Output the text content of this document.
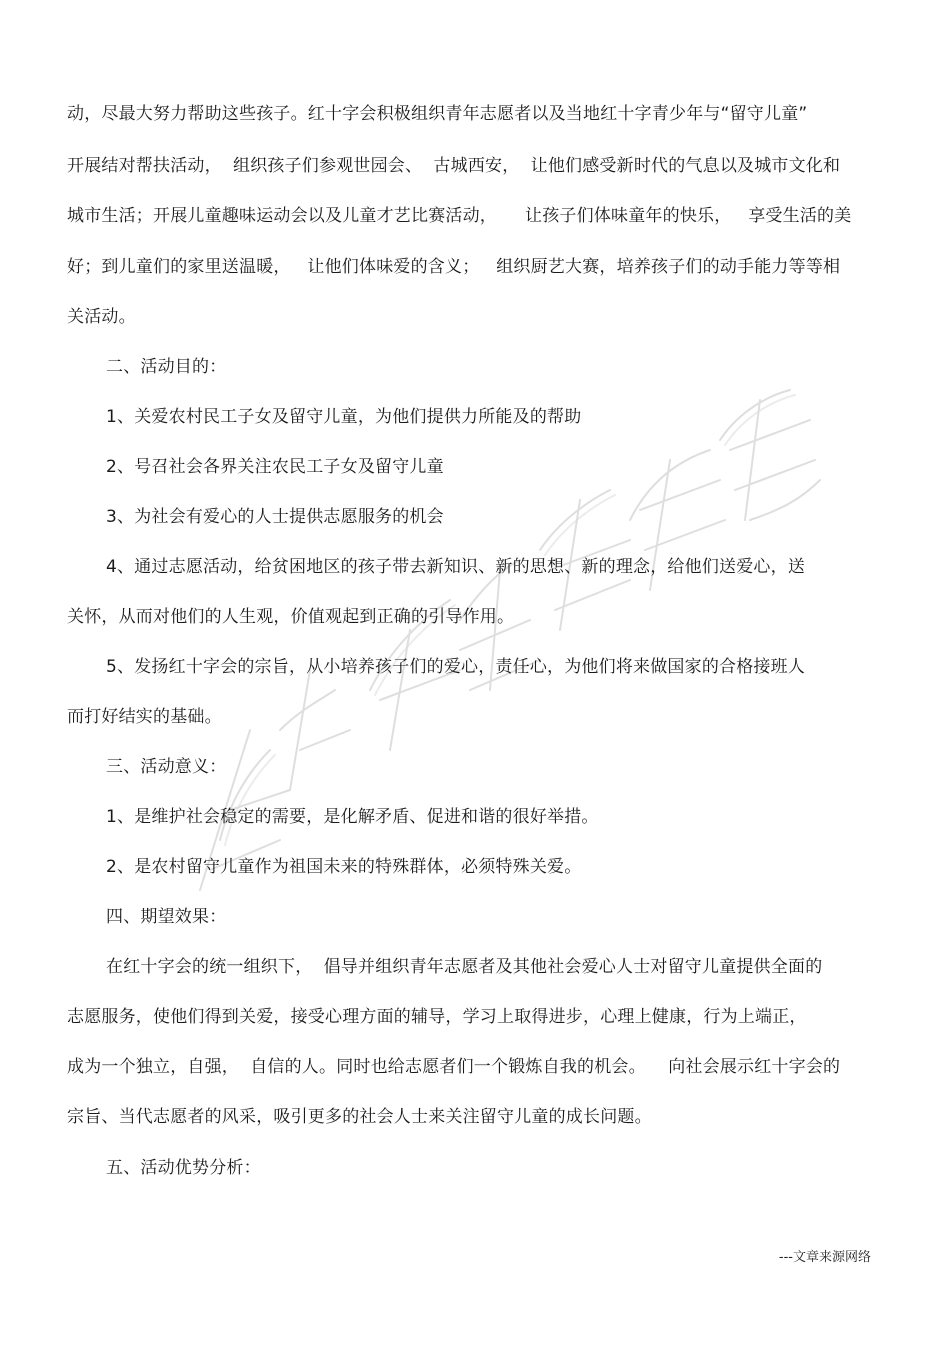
动，尽最大努力帮助这些孩子。红十字会积极组织青年志愿者以及当地红十字青少年与“留守儿童”
开展结对帮扶活动，  组织孩子们参观世园会、  古城西安，  让他们感受新时代的气息以及城市文化和
城市生活；开展儿童趣味运动会以及儿童才艺比赛活动，     让孩子们体味童年的快乐，   享受生活的美
好；到儿童们的家里送温暖，   让他们体味爱的含义；   组织厨艺大赛，培养孩子们的动手能力等等相
关活动。
二、活动目的：
1、关爱农村民工子女及留守儿童，为他们提供力所能及的帮助
2、号召社会各界关注农民工子女及留守儿童
3、为社会有爱心的人士提供志愿服务的机会
4、通过志愿活动，给贫困地区的孩子带去新知识、新的思想、新的理念，给他们送爱心，送
关怀，从而对他们的人生观，价值观起到正确的引导作用。
5、发扬红十字会的宗旨，从小培养孩子们的爱心，责任心，为他们将来做国家的合格接班人
而打好结实的基础。
三、活动意义：
1、是维护社会稳定的需要，是化解矛盾、促进和谐的很好举措。
2、是农村留守儿童作为祖国未来的特殊群体，必须特殊关爱。
四、期望效果：
在红十字会的统一组织下，  倡导并组织青年志愿者及其他社会爱心人士对留守儿童提供全面的
志愿服务，使他们得到关爱，接受心理方面的辅导，学习上取得进步，心理上健康，行为上端正，
成为一个独立，自强，  自信的人。同时也给志愿者们一个锻炼自我的机会。    向社会展示红十字会的
宗旨、当代志愿者的风采，吸引更多的社会人士来关注留守儿童的成长问题。
五、活动优势分析：
---文章来源网络
